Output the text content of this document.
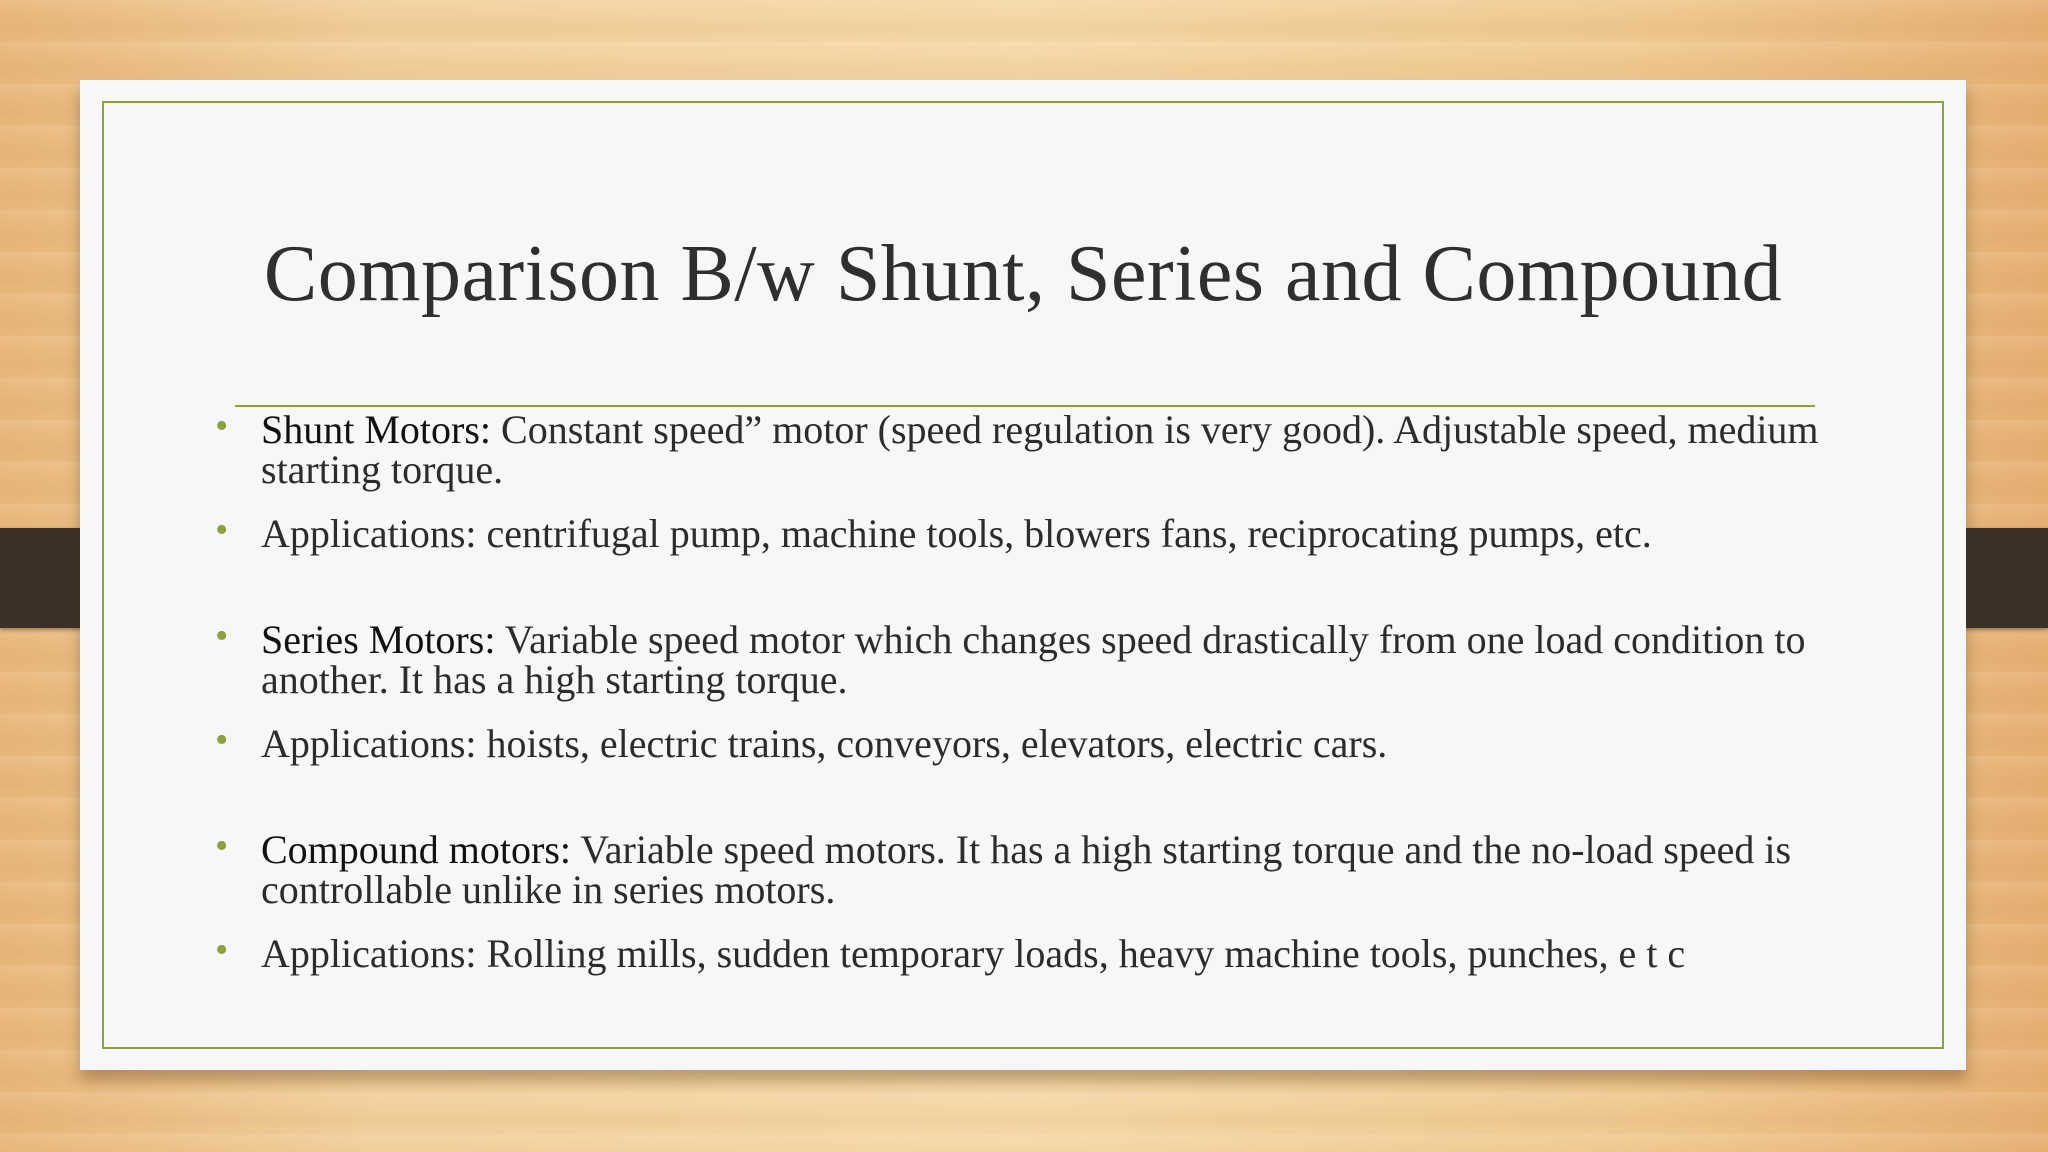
Comparison B/w Shunt, Series and Compound

• Shunt Motors: Constant speed” motor (speed regulation is very good). Adjustable speed, medium starting torque.

• Applications: centrifugal pump, machine tools, blowers fans, reciprocating pumps, etc.

• Series Motors: Variable speed motor which changes speed drastically from one load condition to another. It has a high starting torque.

• Applications: hoists, electric trains, conveyors, elevators, electric cars.

• Compound motors: Variable speed motors. It has a high starting torque and the no-load speed is controllable unlike in series motors.

• Applications: Rolling mills, sudden temporary loads, heavy machine tools, punches, e t c
